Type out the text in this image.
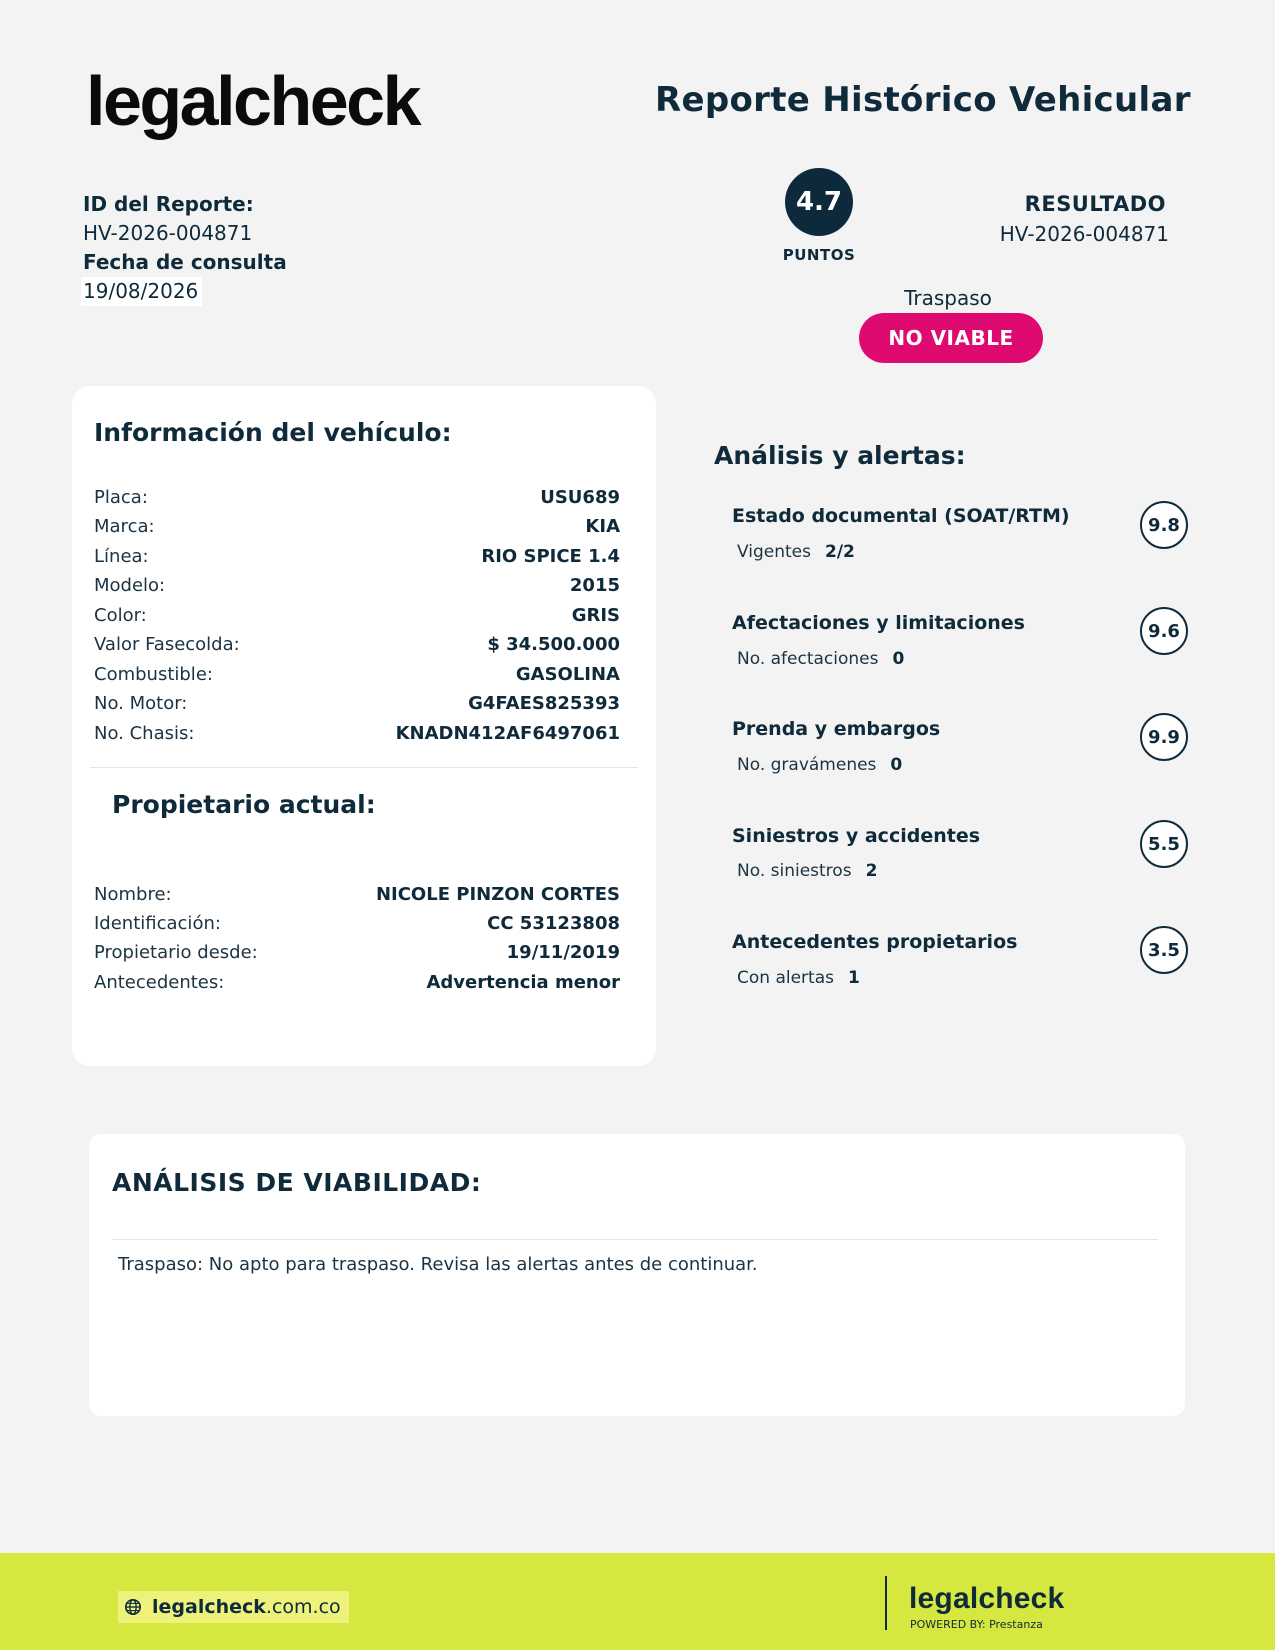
legalcheck	Reporte Histórico Vehicular
ID del Reporte:
HV-2026-004871
Fecha de consulta
19/08/2026
4.7
PUNTOS
RESULTADO
HV-2026-004871
Traspaso
NO VIABLE
Información del vehículo:
Placa:	USU689
Marca:	KIA
Línea:	RIO SPICE 1.4
Modelo:	2015
Color:	GRIS
Valor Fasecolda:	$ 34.500.000
Combustible:	GASOLINA
No. Motor:	G4FAES825393
No. Chasis:	KNADN412AF6497061
Propietario actual:
Nombre:	NICOLE PINZON CORTES
Identificación:	CC 53123808
Propietario desde:	19/11/2019
Antecedentes:	Advertencia menor
Análisis y alertas:
Estado documental (SOAT/RTM)
Vigentes 2/2
9.8
Afectaciones y limitaciones
No. afectaciones 0
9.6
Prenda y embargos
No. gravámenes 0
9.9
Siniestros y accidentes
No. siniestros 2
5.5
Antecedentes propietarios
Con alertas 1
3.5
ANÁLISIS DE VIABILIDAD:
Traspaso: No apto para traspaso. Revisa las alertas antes de continuar.
legalcheck .com.co	legalcheck
POWERED BY: Prestanza
